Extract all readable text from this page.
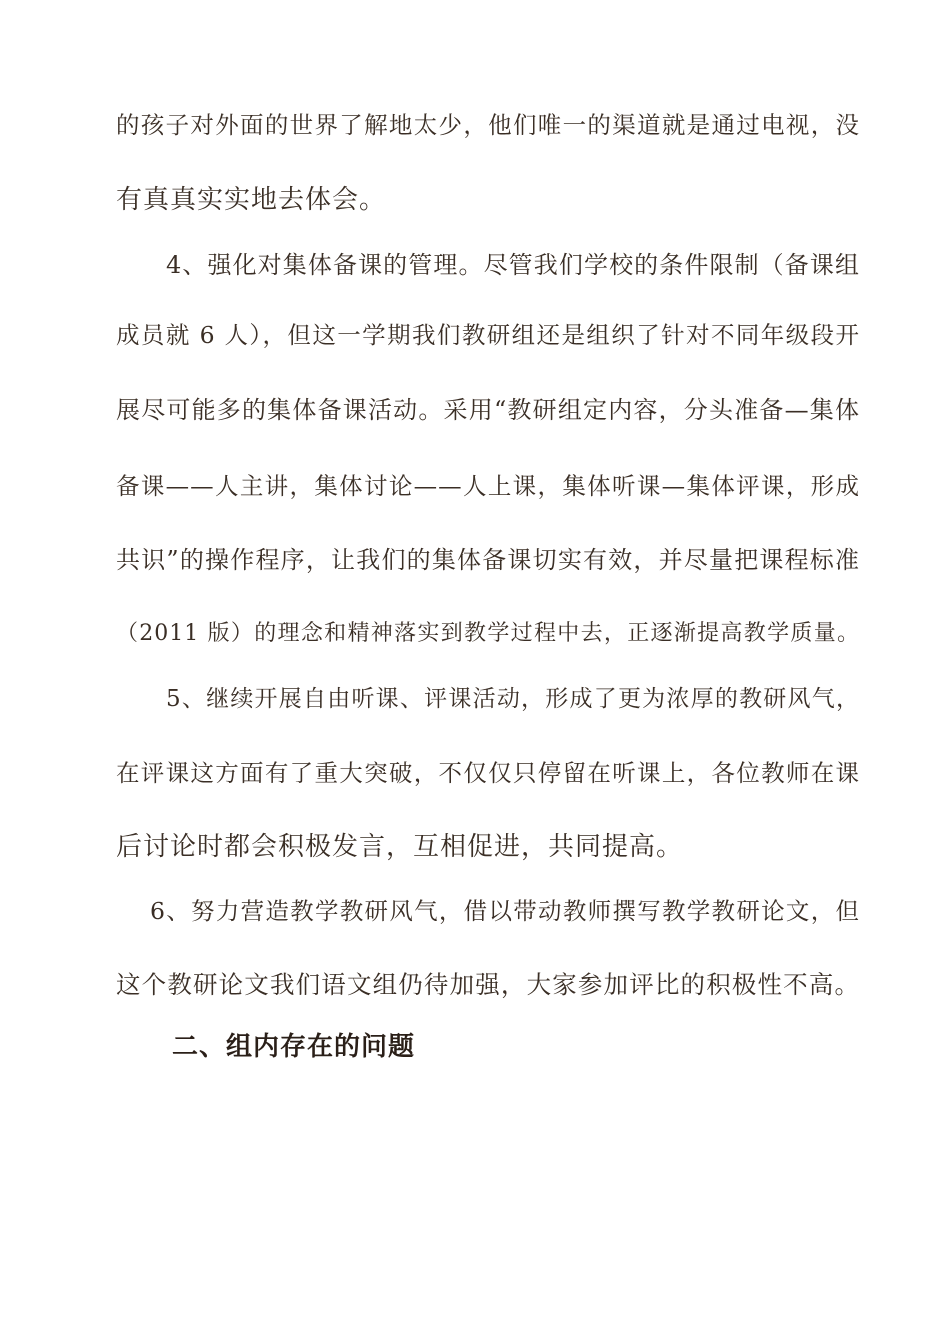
的孩子对外面的世界了解地太少，他们唯一的渠道就是通过电视，没
有真真实实地去体会。
4、强化对集体备课的管理。尽管我们学校的条件限制（备课组
成员就 6 人），但这一学期我们教研组还是组织了针对不同年级段开
展尽可能多的集体备课活动。采用“教研组定内容，分头准备—集体
备课——人主讲，集体讨论——人上课，集体听课—集体评课，形成
共识”的操作程序，让我们的集体备课切实有效，并尽量把课程标准
（2011 版）的理念和精神落实到教学过程中去，正逐渐提高教学质量。
5、继续开展自由听课、评课活动，形成了更为浓厚的教研风气，
在评课这方面有了重大突破，不仅仅只停留在听课上，各位教师在课
后讨论时都会积极发言，互相促进，共同提高。
6、努力营造教学教研风气，借以带动教师撰写教学教研论文，但
这个教研论文我们语文组仍待加强，大家参加评比的积极性不高。
二、组内存在的问题
